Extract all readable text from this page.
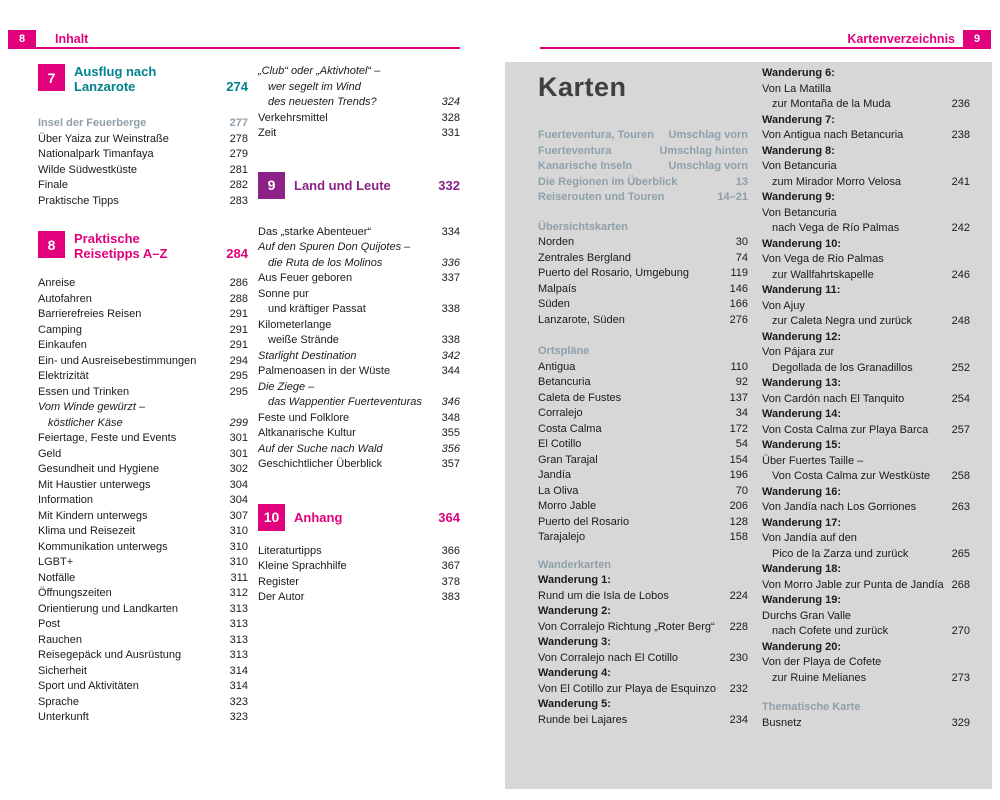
8	Inhalt
7	Ausflug nach
Lanzarote	274
Insel der Feuerberge	277
Über Yaiza zur Weinstraße	278
Nationalpark Timanfaya	279
Wilde Südwestküste	281
Finale	282
Praktische Tipps	283
8	Praktische
Reisetipps A–Z	284
Anreise	286
Autofahren	288
Barrierefreies Reisen	291
Camping	291
Einkaufen	291
Ein- und Ausreisebestimmungen	294
Elektrizität	295
Essen und Trinken	295
Vom Winde gewürzt –
köstlicher Käse	299
Feiertage, Feste und Events	301
Geld	301
Gesundheit und Hygiene	302
Mit Haustier unterwegs	304
Information	304
Mit Kindern unterwegs	307
Klima und Reisezeit	310
Kommunikation unterwegs	310
LGBT+	310
Notfälle	311
Öffnungszeiten	312
Orientierung und Landkarten	313
Post	313
Rauchen	313
Reisegepäck und Ausrüstung	313
Sicherheit	314
Sport und Aktivitäten	314
Sprache	323
Unterkunft	323
„Club“ oder „Aktivhotel“ –
wer segelt im Wind
des neuesten Trends?	324
Verkehrsmittel	328
Zeit	331
9	Land und Leute	332
Das „starke Abenteuer“	334
Auf den Spuren Don Quijotes –
die Ruta de los Molinos	336
Aus Feuer geboren	337
Sonne pur
und kräftiger Passat	338
Kilometerlange
weiße Strände	338
Starlight Destination	342
Palmenoasen in der Wüste	344
Die Ziege –
das Wappentier Fuerteventuras 346
Feste und Folklore	348
Altkanarische Kultur	355
Auf der Suche nach Wald	356
Geschichtlicher Überblick	357
10	Anhang	364
Literaturtipps	366
Kleine Sprachhilfe	367
Register	378
Der Autor	383
9
Kartenverzeichnis
Karten
Fuerteventura, Touren Umschlag vorn
Fuerteventura	Umschlag hinten
Kanarische Inseln	Umschlag vorn
Die Regionen im Überblick	13
Reiserouten und Touren	14–21
Übersichtskarten
Norden	30
Zentrales Bergland	74
Puerto del Rosario, Umgebung	119
Malpaís	146
Süden	166
Lanzarote, Süden	276
Ortspläne
Antigua	110
Betancuria	92
Caleta de Fustes	137
Corralejo	34
Costa Calma	172
El Cotillo	54
Gran Tarajal	154
Jandía	196
La Oliva	70
Morro Jable	206
Puerto del Rosario	128
Tarajalejo	158
Wanderkarten
Wanderung 1:
Rund um die Isla de Lobos	224
Wanderung 2:
Von Corralejo Richtung „Roter Berg“ 228
Wanderung 3:
Von Corralejo nach El Cotillo	230
Wanderung 4:
Von El Cotillo zur Playa de Esquinzo 232
Wanderung 5:
Runde bei Lajares	234
Wanderung 6:
Von La Matilla
zur Montaña de la Muda	236
Wanderung 7:
Von Antigua nach Betancuria	238
Wanderung 8:
Von Betancuria
zum Mirador Morro Velosa	241
Wanderung 9:
Von Betancuria
nach Vega de Río Palmas	242
Wanderung 10:
Von Vega de Rio Palmas
zur Wallfahrtskapelle	246
Wanderung 11:
Von Ajuy
zur Caleta Negra und zurück	248
Wanderung 12:
Von Pájara zur
Degollada de los Granadillos	252
Wanderung 13:
Von Cardón nach El Tanquito	254
Wanderung 14:
Von Costa Calma zur Playa Barca 257
Wanderung 15:
Über Fuertes Taille –
Von Costa Calma zur Westküste 258
Wanderung 16:
Von Jandía nach Los Gorriones	263
Wanderung 17:
Von Jandía auf den
Pico de la Zarza und zurück	265
Wanderung 18:
Von Morro Jable zur Punta de Jandía 268
Wanderung 19:
Durchs Gran Valle
nach Cofete und zurück	270
Wanderung 20:
Von der Playa de Cofete
zur Ruine Melianes	273
Thematische Karte
Busnetz	329
